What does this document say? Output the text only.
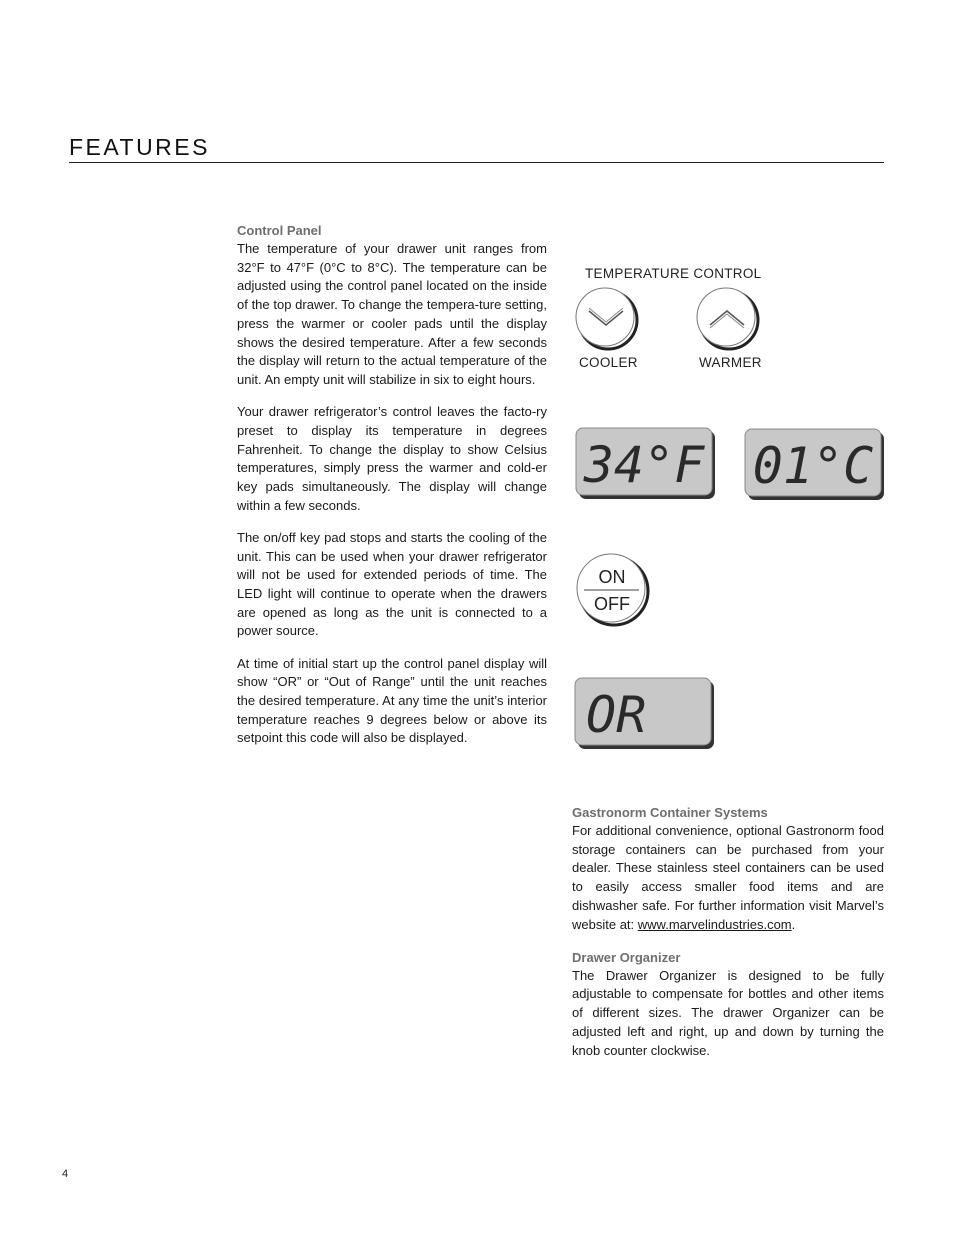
FEATURES
Control Panel

The temperature of your drawer unit ranges from 32°F to 47°F (0°C to 8°C). The temperature can be adjusted using the control panel located on the inside of the top drawer. To change the tempera-ture setting, press the warmer or cooler pads until the display shows the desired temperature. After a few seconds the display will return to the actual temperature of the unit. An empty unit will stabilize in six to eight hours.

Your drawer refrigerator’s control leaves the facto-ry preset to display its temperature in degrees Fahrenheit. To change the display to show Celsius temperatures, simply press the warmer and cold-er key pads simultaneously. The display will change within a few seconds.

The on/off key pad stops and starts the cooling of the unit. This can be used when your drawer refrigerator will not be used for extended periods of time. The LED light will continue to operate when the drawers are opened as long as the unit is connected to a power source.

At time of initial start up the control panel display will show “OR” or “Out of Range” until the unit reaches the desired temperature. At any time the unit’s interior temperature reaches 9 degrees below or above its setpoint this code will also be displayed.

TEMPERATURE CONTROL
COOLER	WARMER
34°F 01°C
ON
OFF
OR
Gastronorm Container Systems

For additional convenience, optional Gastronorm food storage containers can be purchased from your dealer. These stainless steel containers can be used to easily access smaller food items and are dishwasher safe. For further information visit Marvel’s website at: www.marvelindustries.com.

Drawer Organizer

The Drawer Organizer is designed to be fully adjustable to compensate for bottles and other items of different sizes. The drawer Organizer can be adjusted left and right, up and down by turning the knob counter clockwise.

4
